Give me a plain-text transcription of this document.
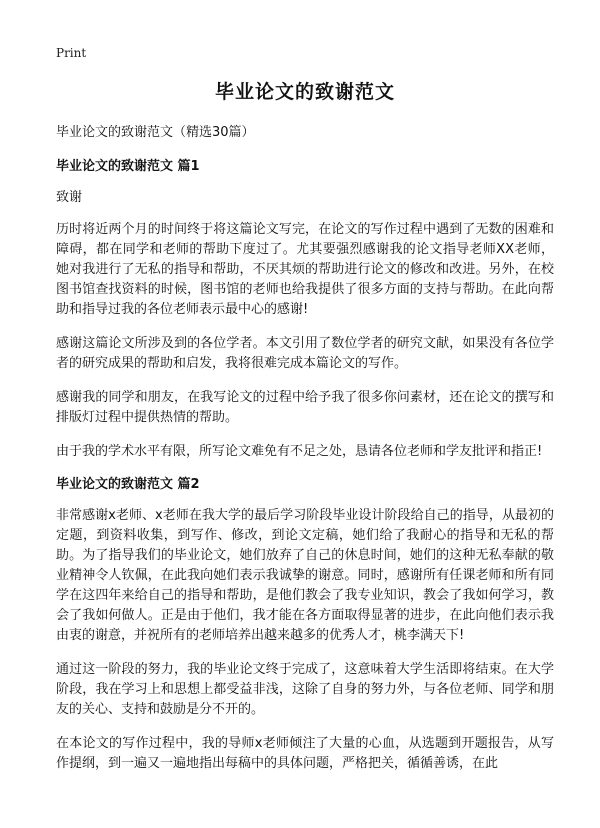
Print
毕业论文的致谢范文
毕业论文的致谢范文（精选30篇）
毕业论文的致谢范文 篇1

致谢

历时将近两个月的时间终于将这篇论文写完，在论文的写作过程中遇到了无数的困难和障碍，都在同学和老师的帮助下度过了。尤其要强烈感谢我的论文指导老师XX老师，她对我进行了无私的指导和帮助，不厌其烦的帮助进行论文的修改和改进。另外，在校图书馆查找资料的时候，图书馆的老师也给我提供了很多方面的支持与帮助。在此向帮助和指导过我的各位老师表示最中心的感谢!

感谢这篇论文所涉及到的各位学者。本文引用了数位学者的研究文献，如果没有各位学者的研究成果的帮助和启发，我将很难完成本篇论文的写作。

感谢我的同学和朋友，在我写论文的过程中给予我了很多你问素材，还在论文的撰写和排版灯过程中提供热情的帮助。

由于我的学术水平有限，所写论文难免有不足之处，恳请各位老师和学友批评和指正!

毕业论文的致谢范文 篇2

非常感谢x老师、x老师在我大学的最后学习阶段毕业设计阶段给自己的指导，从最初的定题，到资料收集，到写作、修改，到论文定稿，她们给了我耐心的指导和无私的帮助。为了指导我们的毕业论文，她们放弃了自己的休息时间，她们的这种无私奉献的敬业精神令人钦佩，在此我向她们表示我诚挚的谢意。同时，感谢所有任课老师和所有同学在这四年来给自己的指导和帮助，是他们教会了我专业知识，教会了我如何学习，教会了我如何做人。正是由于他们，我才能在各方面取得显著的进步，在此向他们表示我由衷的谢意，并祝所有的老师培养出越来越多的优秀人才，桃李满天下!

通过这一阶段的努力，我的毕业论文终于完成了，这意味着大学生活即将结束。在大学阶段，我在学习上和思想上都受益非浅，这除了自身的努力外，与各位老师、同学和朋友的关心、支持和鼓励是分不开的。

在本论文的写作过程中，我的导师x老师倾注了大量的心血，从选题到开题报告，从写作提纲，到一遍又一遍地指出每稿中的具体问题，严格把关，循循善诱，在此
